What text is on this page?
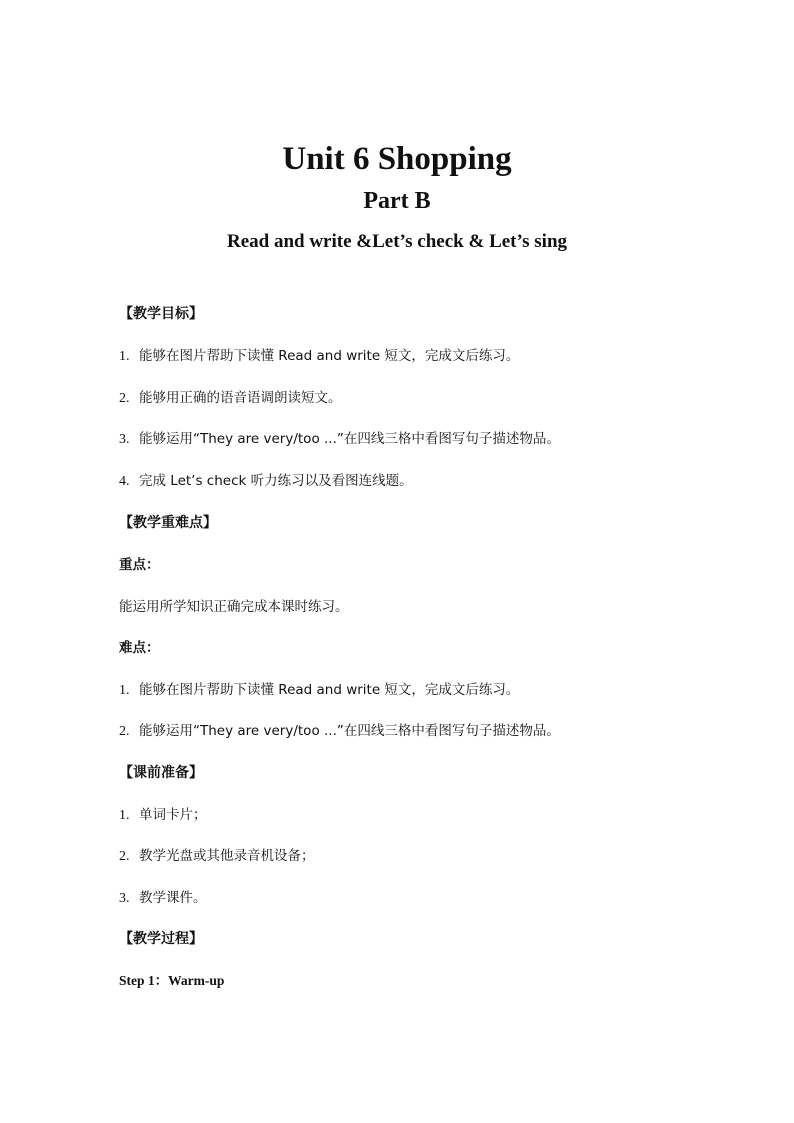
Unit 6 Shopping
Part B
Read and write &Let’s check & Let’s sing
【教学目标】
1. 能够在图片帮助下读懂 Read and write 短文，完成文后练习。
2. 能够用正确的语音语调朗读短文。
3. 能够运用“They are very/too ...”在四线三格中看图写句子描述物品。
4. 完成 Let’s check 听力练习以及看图连线题。
【教学重难点】
重点：
能运用所学知识正确完成本课时练习。
难点：
1. 能够在图片帮助下读懂 Read and write 短文，完成文后练习。
2. 能够运用“They are very/too ...”在四线三格中看图写句子描述物品。
【课前准备】
1. 单词卡片；
2. 教学光盘或其他录音机设备；
3. 教学课件。
【教学过程】
Step 1：Warm-up
